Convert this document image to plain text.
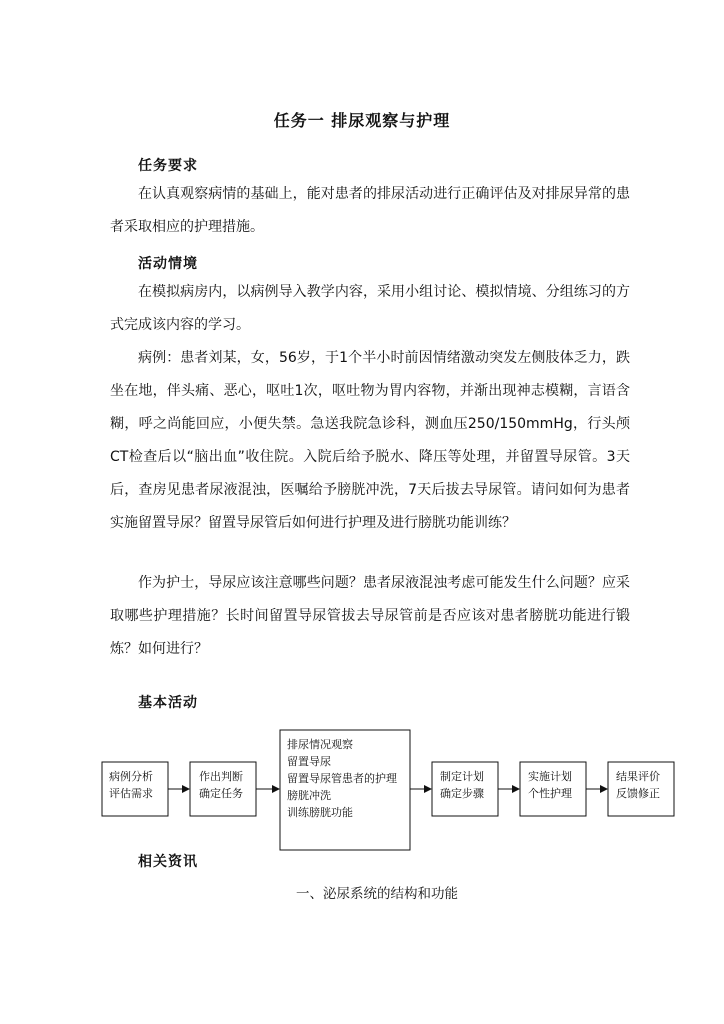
任务一 排尿观察与护理
任务要求

在认真观察病情的基础上，能对患者的排尿活动进行正确评估及对排尿异常的患者采取相应的护理措施。

活动情境

在模拟病房内，以病例导入教学内容，采用小组讨论、模拟情境、分组练习的方式完成该内容的学习。

病例：患者刘某，女，56岁，于1个半小时前因情绪激动突发左侧肢体乏力，跌坐在地，伴头痛、恶心，呕吐1次，呕吐物为胃内容物，并渐出现神志模糊，言语含糊，呼之尚能回应，小便失禁。急送我院急诊科，测血压250/150mmHg，行头颅CT检查后以“脑出血”收住院。入院后给予脱水、降压等处理，并留置导尿管。3天后，查房见患者尿液混浊，医嘱给予膀胱冲洗，7天后拔去导尿管。请问如何为患者实施留置导尿？留置导尿管后如何进行护理及进行膀胱功能训练？

作为护士，导尿应该注意哪些问题？患者尿液混浊考虑可能发生什么问题？应采取哪些护理措施？长时间留置导尿管拔去导尿管前是否应该对患者膀胱功能进行锻炼？如何进行？

基本活动
病例分析
评估需求
作出判断
确定任务
排尿情况观察
留置导尿
留置导尿管患者的护理
膀胱冲洗
训练膀胱功能
制定计划
确定步骤
实施计划
个性护理
结果评价
反馈修正
相关资讯
一、泌尿系统的结构和功能
